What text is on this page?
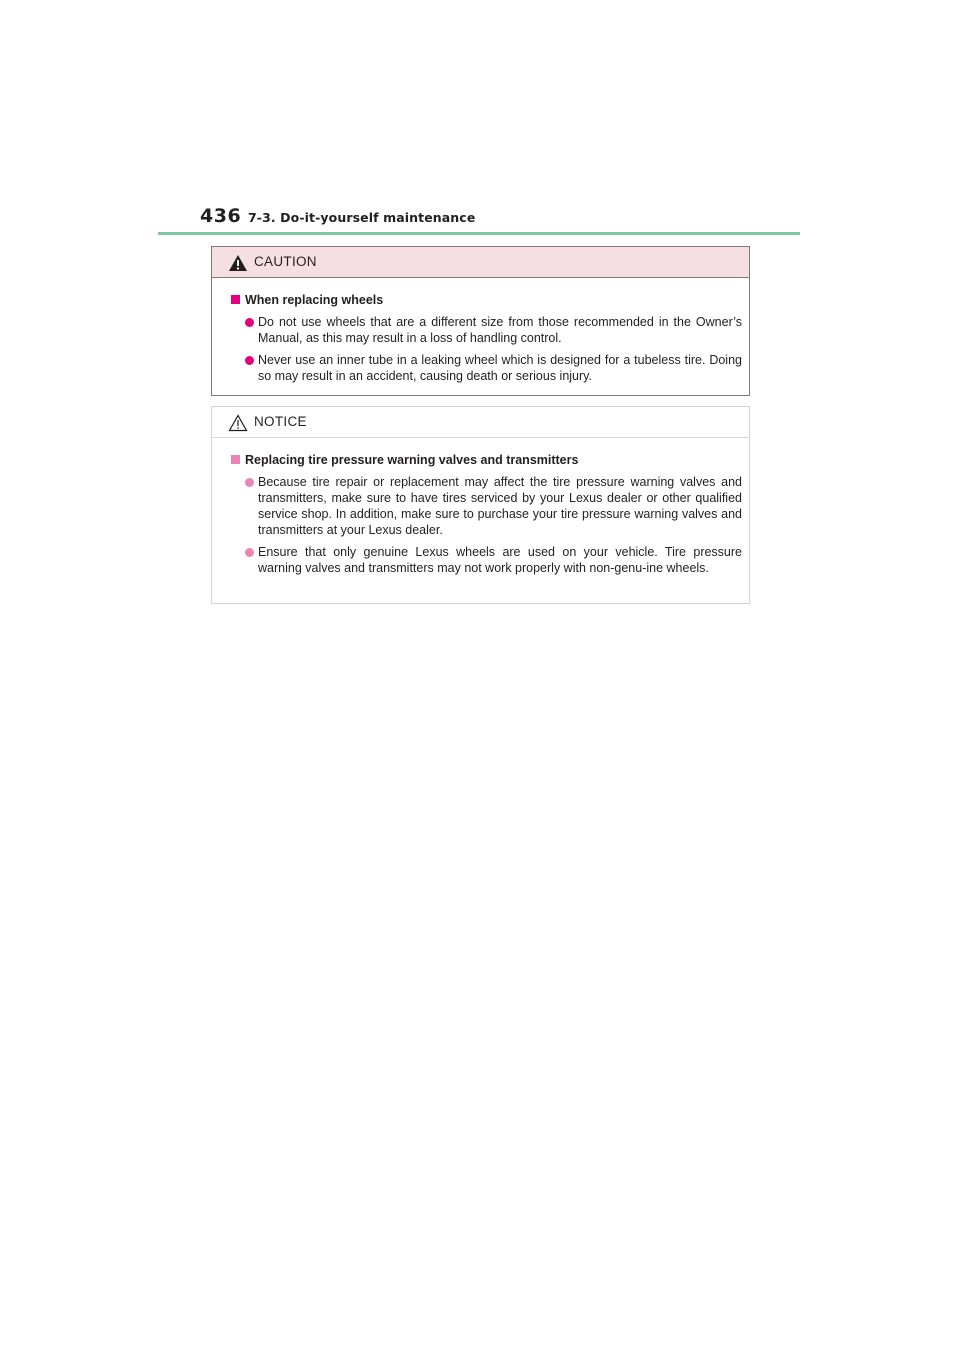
436 7-3. Do-it-yourself maintenance
CAUTION
When replacing wheels
Do not use wheels that are a different size from those recommended in the Owner’s Manual, as this may result in a loss of handling control.
Never use an inner tube in a leaking wheel which is designed for a tubeless tire. Doing so may result in an accident, causing death or serious injury.
NOTICE
Replacing tire pressure warning valves and transmitters
Because tire repair or replacement may affect the tire pressure warning valves and transmitters, make sure to have tires serviced by your Lexus dealer or other qualified service shop. In addition, make sure to purchase your tire pressure warning valves and transmitters at your Lexus dealer.
Ensure that only genuine Lexus wheels are used on your vehicle. Tire pressure warning valves and transmitters may not work properly with non-genu-ine wheels.
